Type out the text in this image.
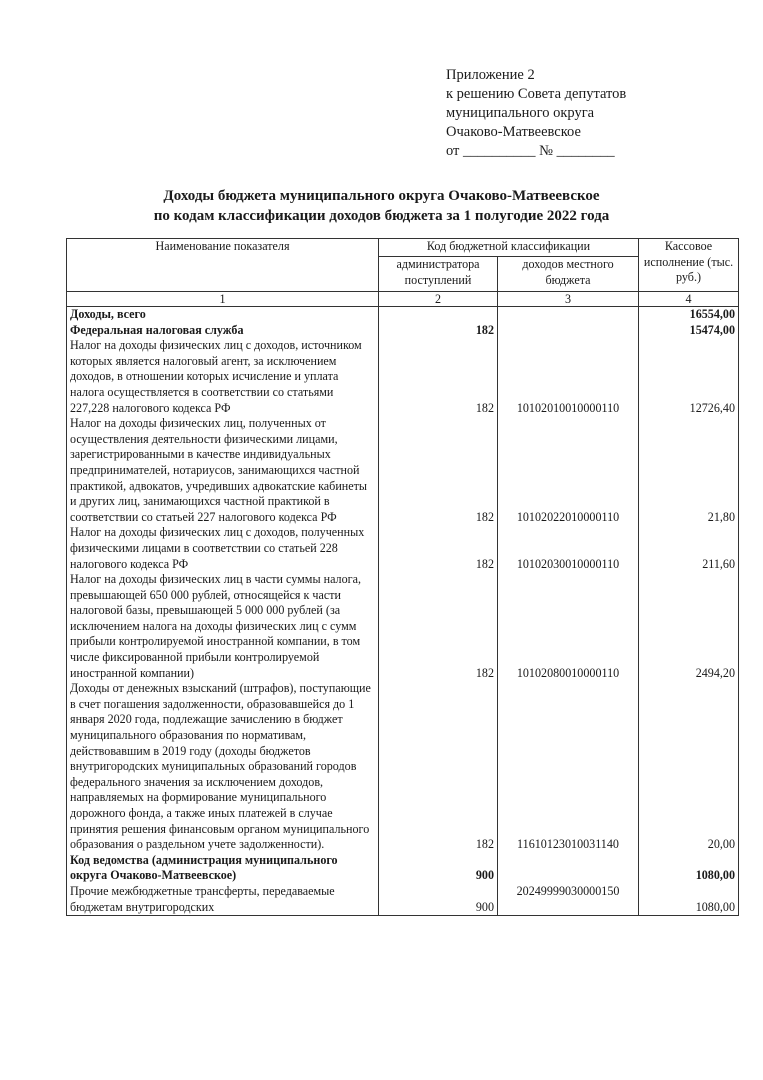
Приложение 2
к решению Совета депутатов
муниципального округа
Очаково-Матвеевское
от __________ № ________
Доходы бюджета муниципального округа Очаково-Матвеевское
по кодам классификации доходов бюджета за 1 полугодие 2022 года
Наименование показателя	Код бюджетной классификации		Кассовое исполнение (тыс. руб.)
	администратора поступлений	доходов местного бюджета	
1	2	3	4
Доходы, всего			16554,00
Федеральная налоговая служба	182		15474,00
Налог на доходы физических лиц с доходов, источником которых является налоговый агент, за исключением доходов, в отношении которых исчисление и уплата налога осуществляется в соответствии со статьями 227,228 налогового кодекса РФ	182	10102010010000110	12726,40
Налог на доходы физических лиц, полученных от осуществления деятельности физическими лицами, зарегистрированными в качестве индивидуальных предпринимателей, нотариусов, занимающихся частной практикой, адвокатов, учредивших адвокатские кабинеты и других лиц, занимающихся частной практикой в соответствии со статьей 227 налогового кодекса РФ	182	10102022010000110	21,80
Налог на доходы физических лиц с доходов, полученных физическими лицами в соответствии со статьей 228 налогового кодекса РФ	182	10102030010000110	211,60
Налог на доходы физических лиц в части суммы налога, превышающей 650 000 рублей, относящейся к части налоговой базы, превышающей 5 000 000 рублей (за исключением налога на доходы физических лиц с сумм прибыли контролируемой иностранной компании, в том числе фиксированной прибыли контролируемой иностранной компании)	182	10102080010000110	2494,20
Доходы от денежных взысканий (штрафов), поступающие в счет погашения задолженности, образовавшейся до 1 января 2020 года, подлежащие зачислению в бюджет муниципального образования по нормативам, действовавшим в 2019 году (доходы бюджетов внутригородских муниципальных образований городов федерального значения за исключением доходов, направляемых на формирование муниципального дорожного фонда, а также иных платежей в случае принятия решения финансовым органом муниципального образования о раздельном учете задолженности).	182	11610123010031140	20,00
Код ведомства (администрация муниципального округа Очаково-Матвеевское)	900		1080,00
Прочие межбюджетные трансферты, передаваемые бюджетам внутригородских	900	20249999030000150	1080,00
